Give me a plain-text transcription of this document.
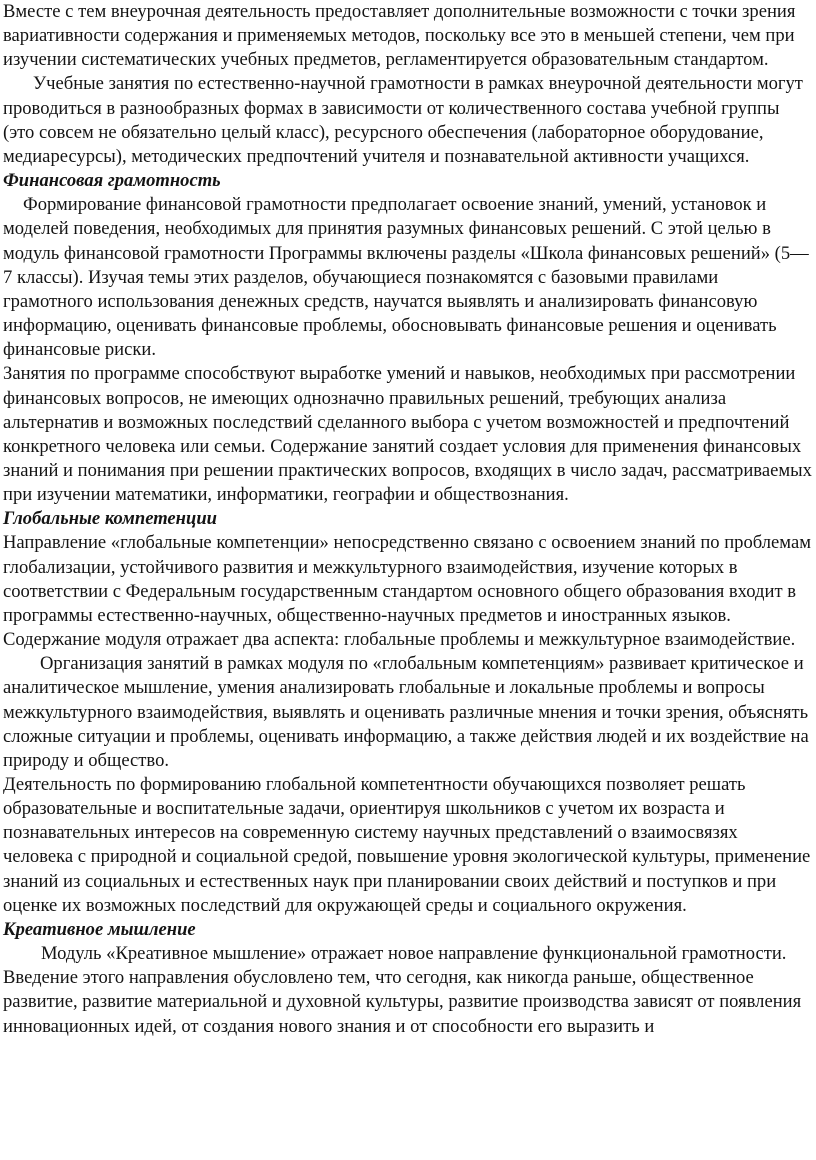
Вместе с тем внеурочная деятельность предоставляет дополнительные возможности с точки зрения вариативности содержания и применяемых методов, поскольку все это в меньшей степени, чем при изучении систематических учебных предметов, регламентируется образовательным стандартом.

Учебные занятия по естественно-научной грамотности в рамках внеурочной деятельности могут проводиться в разнообразных формах в зависимости от количественного состава учебной группы (это совсем не обязательно целый класс), ресурсного обеспечения (лабораторное оборудование, медиаресурсы), методических предпочтений учителя и познавательной активности учащихся.

Финансовая грамотность

Формирование финансовой грамотности предполагает освоение знаний, умений, установок и моделей поведения, необходимых для принятия разумных финансовых решений. С этой целью в модуль финансовой грамотности Программы включены разделы «Школа финансовых решений» (5—7 классы). Изучая темы этих разделов, обучающиеся познакомятся с базовыми правилами грамотного использования денежных средств, научатся выявлять и анализировать финансовую информацию, оценивать финансовые проблемы, обосновывать финансовые решения и оценивать финансовые риски.

Занятия по программе способствуют выработке умений и навыков, необходимых при рассмотрении финансовых вопросов, не имеющих однозначно правильных решений, требующих анализа альтернатив и возможных последствий сделанного выбора с учетом возможностей и предпочтений конкретного человека или семьи. Содержание занятий создает условия для применения финансовых знаний и понимания при решении практических вопросов, входящих в число задач, рассматриваемых при изучении математики, информатики, географии и обществознания.

Глобальные компетенции

Направление «глобальные компетенции» непосредственно связано с освоением знаний по проблемам глобализации, устойчивого развития и межкультурного взаимодействия, изучение которых в соответствии с Федеральным государственным стандартом основного общего образования входит в программы естественно-научных, общественно-научных предметов и иностранных языков. Содержание модуля отражает два аспекта: глобальные проблемы и межкультурное взаимодействие.

Организация занятий в рамках модуля по «глобальным компетенциям» развивает критическое и аналитическое мышление, умения анализировать глобальные и локальные проблемы и вопросы межкультурного взаимодействия, выявлять и оценивать различные мнения и точки зрения, объяснять сложные ситуации и проблемы, оценивать информацию, а также действия людей и их воздействие на природу и общество.

Деятельность по формированию глобальной компетентности обучающихся позволяет решать образовательные и воспитательные задачи, ориентируя школьников с учетом их возраста и познавательных интересов на современную систему научных представлений о взаимосвязях человека с природной и социальной средой, повышение уровня экологической культуры, применение знаний из социальных и естественных наук при планировании своих действий и поступков и при оценке их возможных последствий для окружающей среды и социального окружения.

Креативное мышление

Модуль «Креативное мышление» отражает новое направление функциональной грамотности. Введение этого направления обусловлено тем, что сегодня, как никогда раньше, общественное развитие, развитие материальной и духовной культуры, развитие производства зависят от появления инновационных идей, от создания нового знания и от способности его выразить и
